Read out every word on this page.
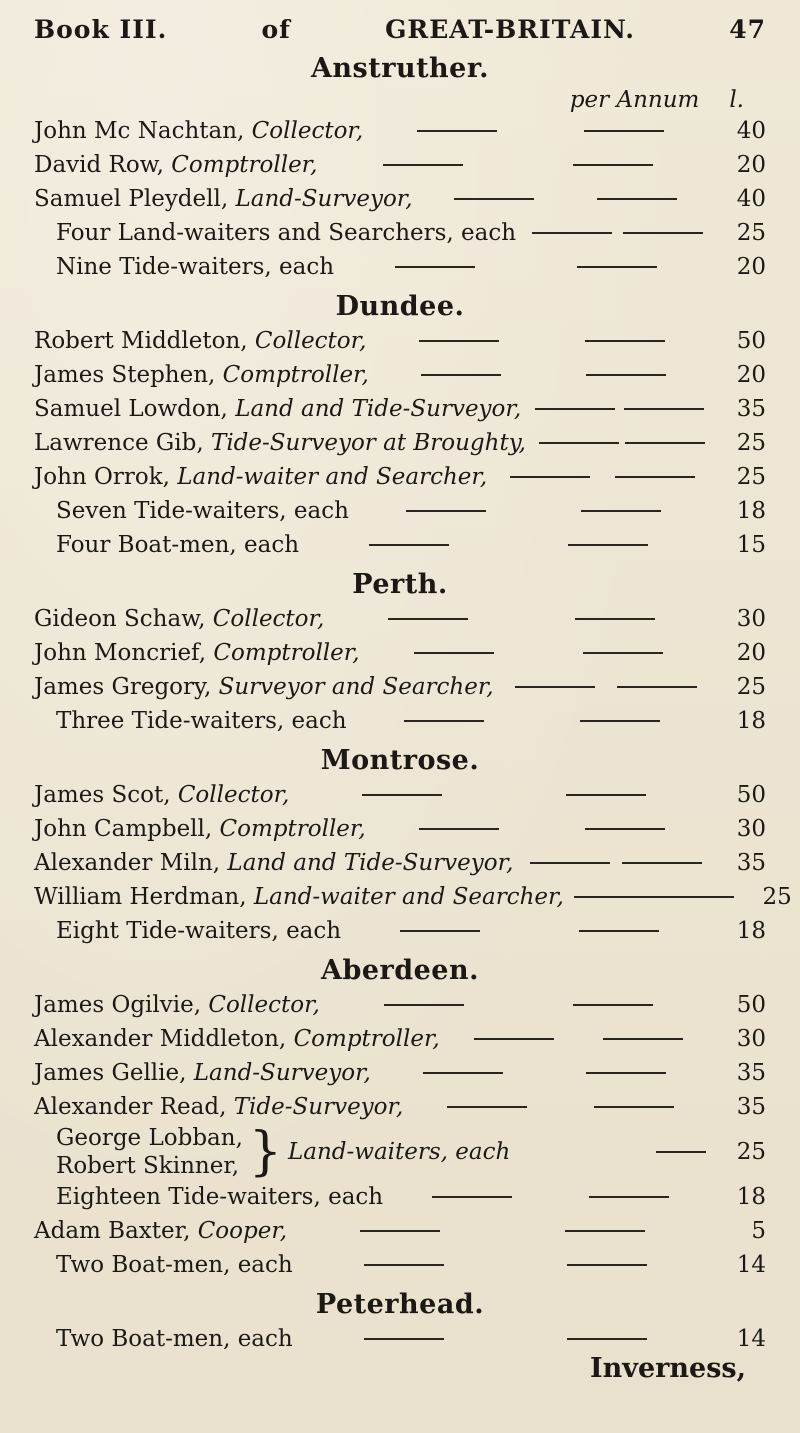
Book III.	of	GREAT-BRITAIN.	47
Anstruther.
per Annum l.
John Mc Nachtan, Collector,	40
David Row, Comptroller,	20
Samuel Pleydell, Land-Surveyor,	40
Four Land-waiters and Searchers, each	25
Nine Tide-waiters, each	20
Dundee.
Robert Middleton, Collector,	50
James Stephen, Comptroller,	20
Samuel Lowdon, Land and Tide-Surveyor,	35
Lawrence Gib, Tide-Surveyor at Broughty,	25
John Orrok, Land-waiter and Searcher,	25
Seven Tide-waiters, each	18
Four Boat-men, each	15
Perth.
Gideon Schaw, Collector,	30
John Moncrief, Comptroller,	20
James Gregory, Surveyor and Searcher,	25
Three Tide-waiters, each	18
Montrose.
James Scot, Collector,	50
John Campbell, Comptroller,	30
Alexander Miln, Land and Tide-Surveyor,	35
William Herdman, Land-waiter and Searcher,	25
Eight Tide-waiters, each	18
Aberdeen.
James Ogilvie, Collector,	50
Alexander Middleton, Comptroller,	30
James Gellie, Land-Surveyor,	35
Alexander Read, Tide-Surveyor,	35
George Lobban,
Robert Skinner, } Land-waiters, each	25
Eighteen Tide-waiters, each	18
Adam Baxter, Cooper,	5
Two Boat-men, each	14
Peterhead.
Two Boat-men, each	14
Inverness,
